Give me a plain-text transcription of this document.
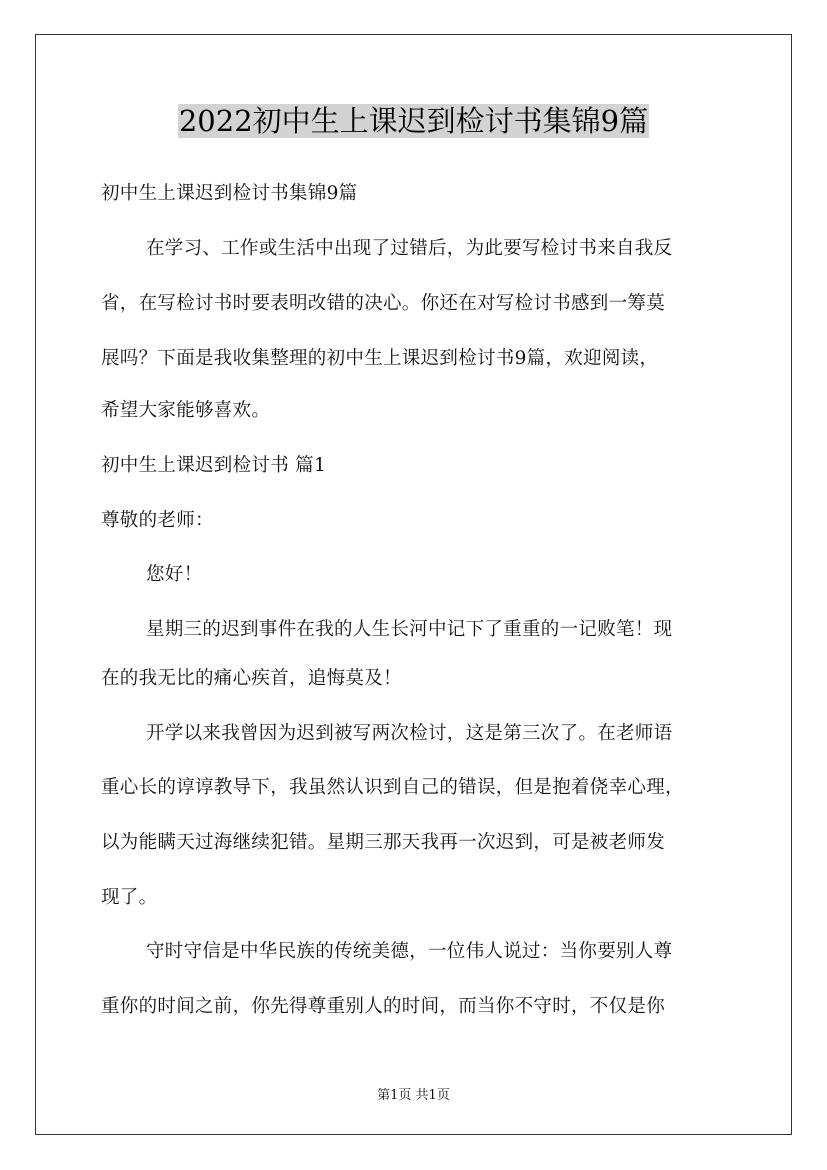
2022初中生上课迟到检讨书集锦9篇
初中生上课迟到检讨书集锦9篇
在学习、工作或生活中出现了过错后，为此要写检讨书来自我反
省，在写检讨书时要表明改错的决心。你还在对写检讨书感到一筹莫
展吗？下面是我收集整理的初中生上课迟到检讨书9篇，欢迎阅读，
希望大家能够喜欢。
初中生上课迟到检讨书 篇1
尊敬的老师：
您好！
星期三的迟到事件在我的人生长河中记下了重重的一记败笔！现
在的我无比的痛心疾首，追悔莫及！
开学以来我曾因为迟到被写两次检讨，这是第三次了。在老师语
重心长的谆谆教导下，我虽然认识到自己的错误，但是抱着侥幸心理，
以为能瞒天过海继续犯错。星期三那天我再一次迟到，可是被老师发
现了。
守时守信是中华民族的传统美德，一位伟人说过：当你要别人尊
重你的时间之前，你先得尊重别人的时间，而当你不守时，不仅是你
第1页 共1页
